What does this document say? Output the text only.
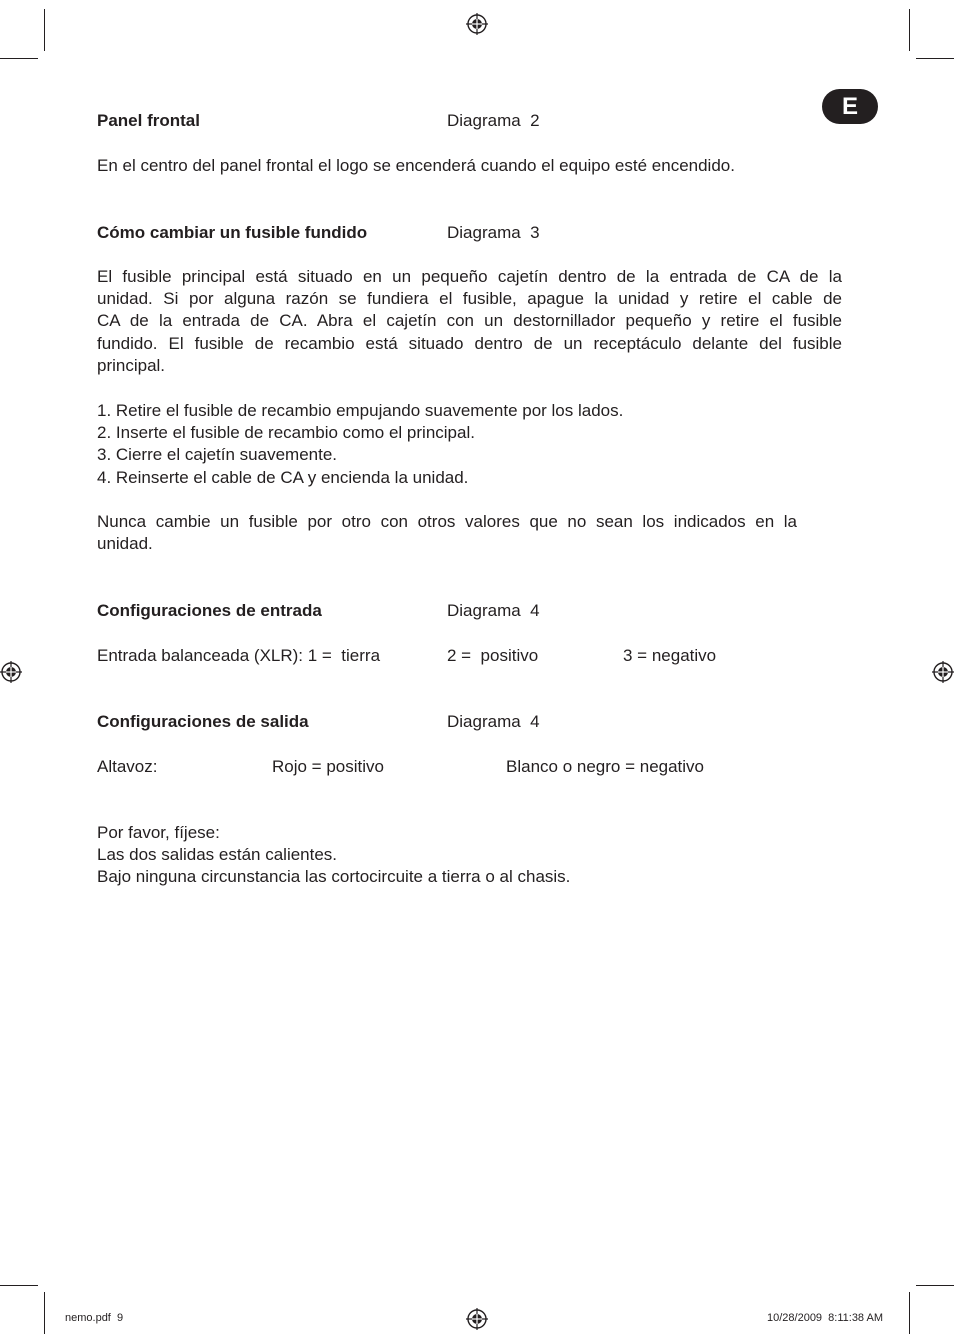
E
Panel frontal	Diagrama  2
En el centro del panel frontal el logo se encenderá cuando el equipo esté encendido.
Cómo cambiar un fusible fundido	Diagrama  3
El fusible principal está situado en un pequeño cajetín dentro de la entrada de CA de la
unidad. Si por alguna razón se fundiera el fusible, apague la unidad y retire el cable de
CA de la entrada de CA. Abra el cajetín con un destornillador pequeño y retire el fusible
fundido. El fusible de recambio está situado dentro de un receptáculo delante del fusible
principal.
1. Retire el fusible de recambio empujando suavemente por los lados.
2. Inserte el fusible de recambio como el principal.
3. Cierre el cajetín suavemente.
4. Reinserte el cable de CA y encienda la unidad.
Nunca cambie un fusible por otro con otros valores que no sean los indicados en la
unidad.
Configuraciones de entrada	Diagrama  4
Entrada balanceada (XLR): 1 =  tierra	2 =  positivo	3 = negativo
Configuraciones de salida	Diagrama  4
Altavoz:	Rojo = positivo	Blanco o negro = negativo
Por favor, fíjese:
Las dos salidas están calientes.
Bajo ninguna circunstancia las cortocircuite a tierra o al chasis.
nemo.pdf  9	10/28/2009  8:11:38 AM
